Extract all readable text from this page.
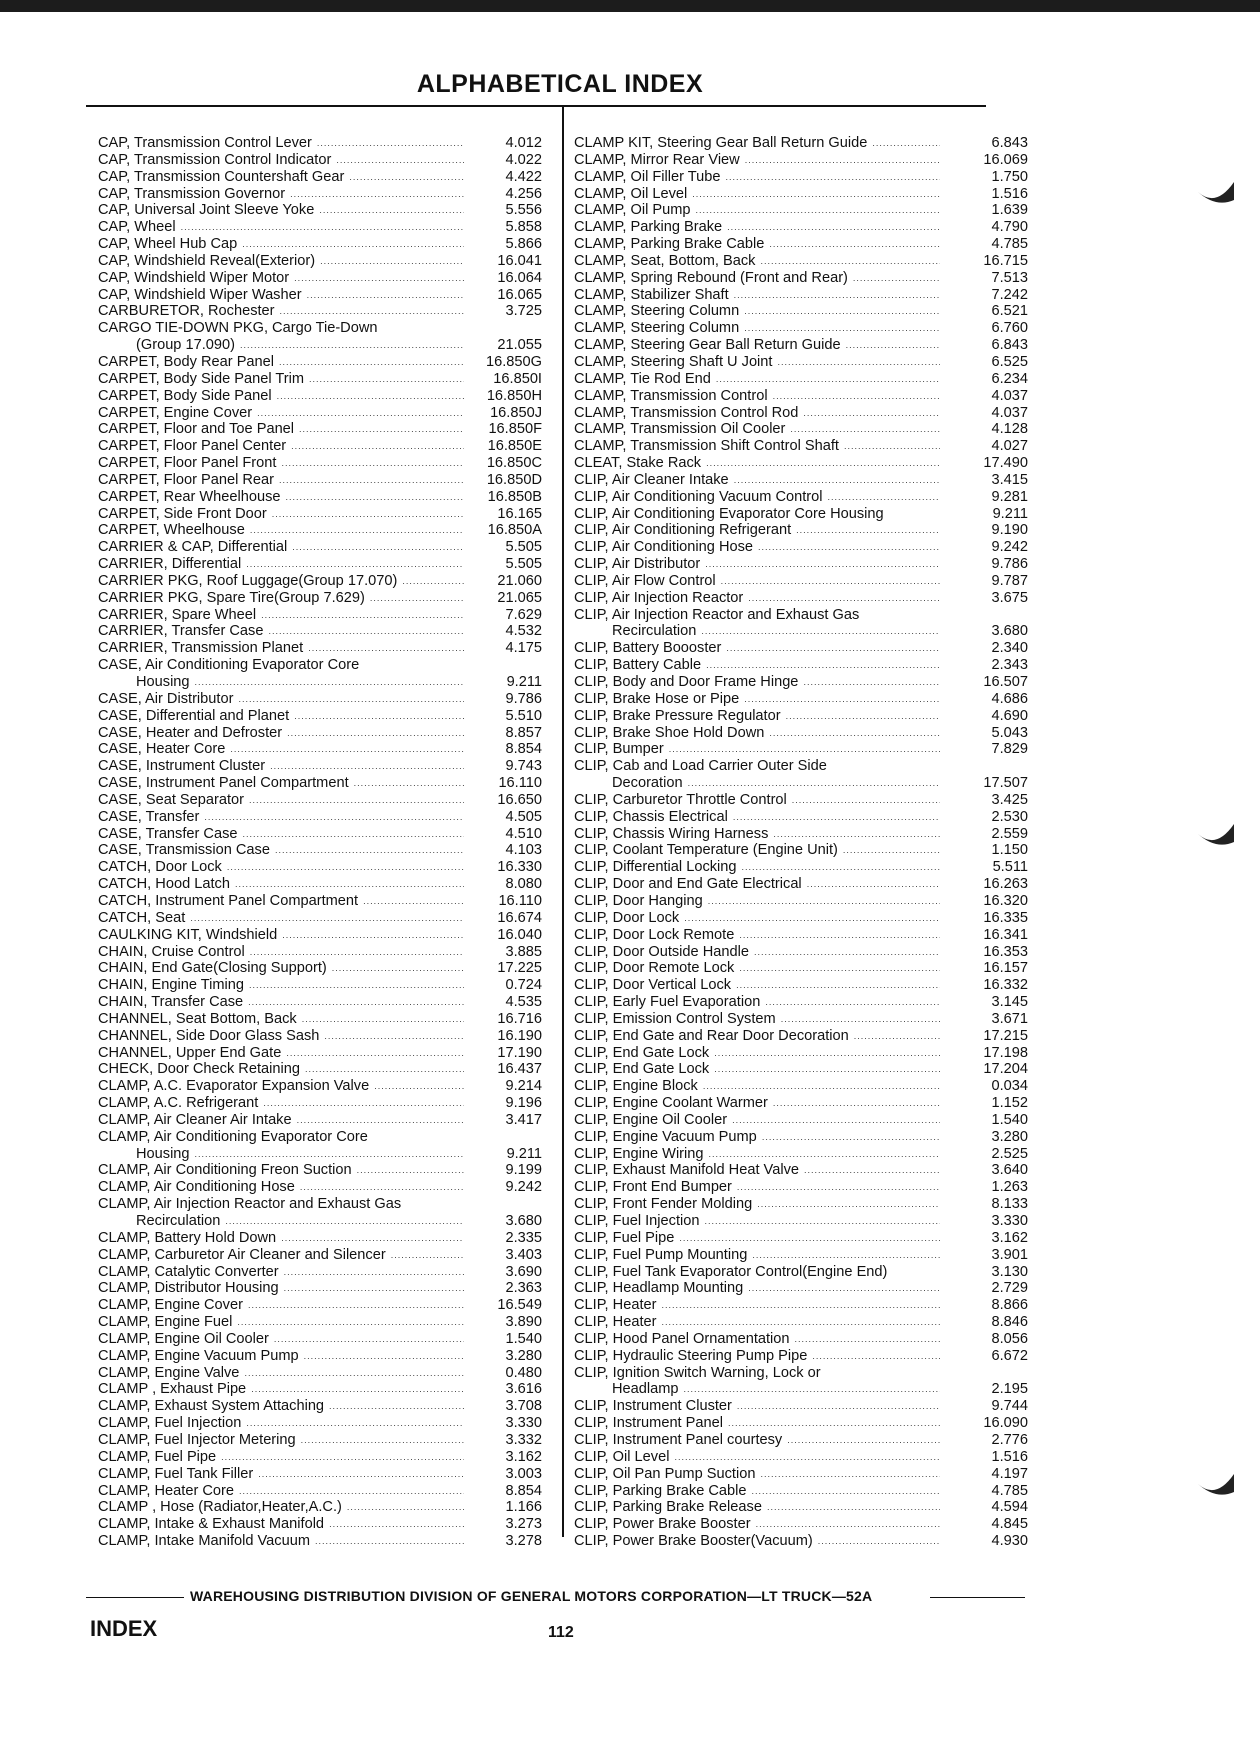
ALPHABETICAL INDEX
CAP, Transmission Control Lever .....	4.012
CAP, Transmission Control Indicator .....	4.022
CAP, Transmission Countershaft Gear .....	4.422
CAP, Transmission Governor .....	4.256
CAP, Universal Joint Sleeve Yoke .....	5.556
CAP, Wheel .....	5.858
CAP, Wheel Hub Cap .....	5.866
CAP, Windshield Reveal(Exterior) .....	16.041
CAP, Windshield Wiper Motor .....	16.064
CAP, Windshield Wiper Washer .....	16.065
CARBURETOR, Rochester .....	3.725
CARGO TIE-DOWN PKG, Cargo Tie-Down
(Group 17.090) .....	21.055
CARPET, Body Rear Panel .....	16.850G
CARPET, Body Side Panel Trim .....	16.850I
CARPET, Body Side Panel .....	16.850H
CARPET, Engine Cover .....	16.850J
CARPET, Floor and Toe Panel .....	16.850F
CARPET, Floor Panel Center .....	16.850E
CARPET, Floor Panel Front .....	16.850C
CARPET, Floor Panel Rear .....	16.850D
CARPET, Rear Wheelhouse .....	16.850B
CARPET, Side Front Door .....	16.165
CARPET, Wheelhouse .....	16.850A
CARRIER & CAP, Differential .....	5.505
CARRIER, Differential .....	5.505
CARRIER PKG, Roof Luggage(Group 17.070) .....	21.060
CARRIER PKG, Spare Tire(Group 7.629) .....	21.065
CARRIER, Spare Wheel .....	7.629
CARRIER, Transfer Case .....	4.532
CARRIER, Transmission Planet .....	4.175
CASE, Air Conditioning Evaporator Core
Housing .....	9.211
CASE, Air Distributor .....	9.786
CASE, Differential and Planet .....	5.510
CASE, Heater and Defroster .....	8.857
CASE, Heater Core .....	8.854
CASE, Instrument Cluster .....	9.743
CASE, Instrument Panel Compartment .....	16.110
CASE, Seat Separator .....	16.650
CASE, Transfer .....	4.505
CASE, Transfer Case .....	4.510
CASE, Transmission Case .....	4.103
CATCH, Door Lock .....	16.330
CATCH, Hood Latch .....	8.080
CATCH, Instrument Panel Compartment .....	16.110
CATCH, Seat .....	16.674
CAULKING KIT, Windshield .....	16.040
CHAIN, Cruise Control .....	3.885
CHAIN, End Gate(Closing Support) .....	17.225
CHAIN, Engine Timing .....	0.724
CHAIN, Transfer Case .....	4.535
CHANNEL, Seat Bottom, Back .....	16.716
CHANNEL, Side Door Glass Sash .....	16.190
CHANNEL, Upper End Gate .....	17.190
CHECK, Door Check Retaining .....	16.437
CLAMP, A.C. Evaporator Expansion Valve .....	9.214
CLAMP, A.C. Refrigerant .....	9.196
CLAMP, Air Cleaner Air Intake .....	3.417
CLAMP, Air Conditioning Evaporator Core
Housing .....	9.211
CLAMP, Air Conditioning Freon Suction .....	9.199
CLAMP, Air Conditioning Hose .....	9.242
CLAMP, Air Injection Reactor and Exhaust Gas
Recirculation .....	3.680
CLAMP, Battery Hold Down .....	2.335
CLAMP, Carburetor Air Cleaner and Silencer .....	3.403
CLAMP, Catalytic Converter .....	3.690
CLAMP, Distributor Housing .....	2.363
CLAMP, Engine Cover .....	16.549
CLAMP, Engine Fuel .....	3.890
CLAMP, Engine Oil Cooler .....	1.540
CLAMP, Engine Vacuum Pump .....	3.280
CLAMP, Engine Valve .....	0.480
CLAMP , Exhaust Pipe .....	3.616
CLAMP, Exhaust System Attaching .....	3.708
CLAMP, Fuel Injection .....	3.330
CLAMP, Fuel Injector Metering .....	3.332
CLAMP, Fuel Pipe .....	3.162
CLAMP, Fuel Tank Filler .....	3.003
CLAMP, Heater Core .....	8.854
CLAMP , Hose (Radiator,Heater,A.C.) .....	1.166
CLAMP, Intake & Exhaust Manifold .....	3.273
CLAMP, Intake Manifold Vacuum .....	3.278
CLAMP KIT, Steering Gear Ball Return Guide .....	6.843
CLAMP, Mirror Rear View .....	16.069
CLAMP, Oil Filler Tube .....	1.750
CLAMP, Oil Level .....	1.516
CLAMP, Oil Pump .....	1.639
CLAMP, Parking Brake .....	4.790
CLAMP, Parking Brake Cable .....	4.785
CLAMP, Seat, Bottom, Back .....	16.715
CLAMP, Spring Rebound (Front and Rear) .....	7.513
CLAMP, Stabilizer Shaft .....	7.242
CLAMP, Steering Column .....	6.521
CLAMP, Steering Column .....	6.760
CLAMP, Steering Gear Ball Return Guide .....	6.843
CLAMP, Steering Shaft U Joint .....	6.525
CLAMP, Tie Rod End .....	6.234
CLAMP, Transmission Control .....	4.037
CLAMP, Transmission Control Rod .....	4.037
CLAMP, Transmission Oil Cooler .....	4.128
CLAMP, Transmission Shift Control Shaft .....	4.027
CLEAT, Stake Rack .....	17.490
CLIP, Air Cleaner Intake .....	3.415
CLIP, Air Conditioning Vacuum Control .....	9.281
CLIP, Air Conditioning Evaporator Core Housing	9.211
CLIP, Air Conditioning Refrigerant .....	9.190
CLIP, Air Conditioning Hose .....	9.242
CLIP, Air Distributor .....	9.786
CLIP, Air Flow Control .....	9.787
CLIP, Air Injection Reactor .....	3.675
CLIP, Air Injection Reactor and Exhaust Gas
Recirculation .....	3.680
CLIP, Battery Boooster .....	2.340
CLIP, Battery Cable .....	2.343
CLIP, Body and Door Frame Hinge .....	16.507
CLIP, Brake Hose or Pipe .....	4.686
CLIP, Brake Pressure Regulator .....	4.690
CLIP, Brake Shoe Hold Down .....	5.043
CLIP, Bumper .....	7.829
CLIP, Cab and Load Carrier Outer Side
Decoration .....	17.507
CLIP, Carburetor Throttle Control .....	3.425
CLIP, Chassis Electrical .....	2.530
CLIP, Chassis Wiring Harness .....	2.559
CLIP, Coolant Temperature (Engine Unit) .....	1.150
CLIP, Differential Locking .....	5.511
CLIP, Door and End Gate Electrical .....	16.263
CLIP, Door Hanging .....	16.320
CLIP, Door Lock .....	16.335
CLIP, Door Lock Remote .....	16.341
CLIP, Door Outside Handle .....	16.353
CLIP, Door Remote Lock .....	16.157
CLIP, Door Vertical Lock .....	16.332
CLIP, Early Fuel Evaporation .....	3.145
CLIP, Emission Control System .....	3.671
CLIP, End Gate and Rear Door Decoration .....	17.215
CLIP, End Gate Lock .....	17.198
CLIP, End Gate Lock .....	17.204
CLIP, Engine Block .....	0.034
CLIP, Engine Coolant Warmer .....	1.152
CLIP, Engine Oil Cooler .....	1.540
CLIP, Engine Vacuum Pump .....	3.280
CLIP, Engine Wiring .....	2.525
CLIP, Exhaust Manifold Heat Valve .....	3.640
CLIP, Front End Bumper .....	1.263
CLIP, Front Fender Molding .....	8.133
CLIP, Fuel Injection .....	3.330
CLIP, Fuel Pipe .....	3.162
CLIP, Fuel Pump Mounting .....	3.901
CLIP, Fuel Tank Evaporator Control(Engine End)	3.130
CLIP, Headlamp Mounting .....	2.729
CLIP, Heater .....	8.866
CLIP, Heater .....	8.846
CLIP, Hood Panel Ornamentation .....	8.056
CLIP, Hydraulic Steering Pump Pipe .....	6.672
CLIP, Ignition Switch Warning, Lock or
Headlamp .....	2.195
CLIP, Instrument Cluster .....	9.744
CLIP, Instrument Panel .....	16.090
CLIP, Instrument Panel courtesy .....	2.776
CLIP, Oil Level .....	1.516
CLIP, Oil Pan Pump Suction .....	4.197
CLIP, Parking Brake Cable .....	4.785
CLIP, Parking Brake Release .....	4.594
CLIP, Power Brake Booster .....	4.845
CLIP, Power Brake Booster(Vacuum) .....	4.930
WAREHOUSING DISTRIBUTION DIVISION OF GENERAL MOTORS CORPORATION—LT TRUCK—52A
INDEX	112
